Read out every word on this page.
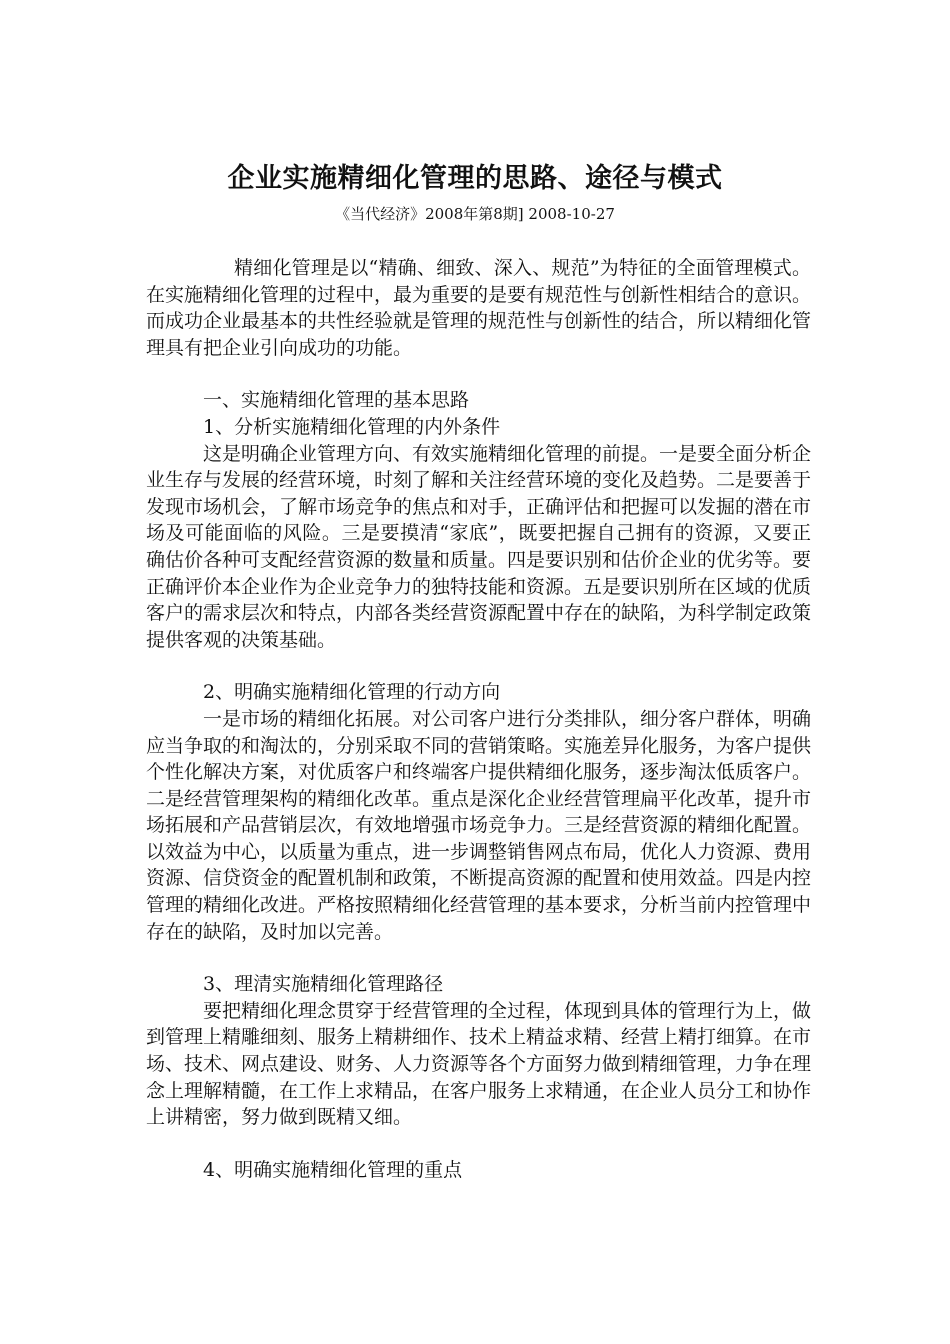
企业实施精细化管理的思路、途径与模式
《当代经济》2008年第8期] 2008-10-27

精细化管理是以“精确、细致、深入、规范”为特征的全面管理模式。在实施精细化管理的过程中，最为重要的是要有规范性与创新性相结合的意识。而成功企业最基本的共性经验就是管理的规范性与创新性的结合，所以精细化管理具有把企业引向成功的功能。

一、实施精细化管理的基本思路

1、分析实施精细化管理的内外条件

这是明确企业管理方向、有效实施精细化管理的前提。一是要全面分析企业生存与发展的经营环境，时刻了解和关注经营环境的变化及趋势。二是要善于发现市场机会，了解市场竞争的焦点和对手，正确评估和把握可以发掘的潜在市场及可能面临的风险。三是要摸清“家底”，既要把握自己拥有的资源，又要正确估价各种可支配经营资源的数量和质量。四是要识别和估价企业的优劣等。要正确评价本企业作为企业竞争力的独特技能和资源。五是要识别所在区域的优质客户的需求层次和特点，内部各类经营资源配置中存在的缺陷，为科学制定政策提供客观的决策基础。

2、明确实施精细化管理的行动方向

一是市场的精细化拓展。对公司客户进行分类排队，细分客户群体，明确应当争取的和淘汰的，分别采取不同的营销策略。实施差异化服务，为客户提供个性化解决方案，对优质客户和终端客户提供精细化服务，逐步淘汰低质客户。二是经营管理架构的精细化改革。重点是深化企业经营管理扁平化改革，提升市场拓展和产品营销层次，有效地增强市场竞争力。三是经营资源的精细化配置。以效益为中心，以质量为重点，进一步调整销售网点布局，优化人力资源、费用资源、信贷资金的配置机制和政策，不断提高资源的配置和使用效益。四是内控管理的精细化改进。严格按照精细化经营管理的基本要求，分析当前内控管理中存在的缺陷，及时加以完善。

3、理清实施精细化管理路径

要把精细化理念贯穿于经营管理的全过程，体现到具体的管理行为上，做到管理上精雕细刻、服务上精耕细作、技术上精益求精、经营上精打细算。在市场、技术、网点建设、财务、人力资源等各个方面努力做到精细管理，力争在理念上理解精髓，在工作上求精品，在客户服务上求精通，在企业人员分工和协作上讲精密，努力做到既精又细。

4、明确实施精细化管理的重点
